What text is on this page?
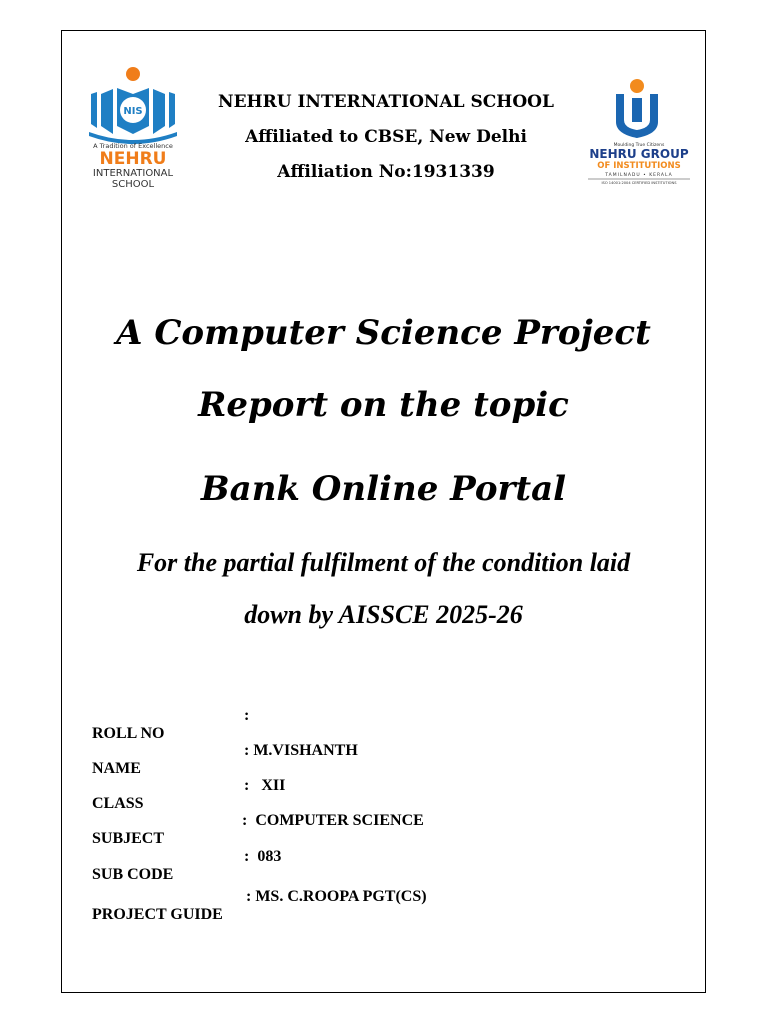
NIS
A Tradition of Excellence
NEHRU
INTERNATIONAL
SCHOOL
Moulding True Citizens
NEHRU GROUP
OF INSTITUTIONS
TAMILNADU • KERALA
ISO 14001:2004 CERTIFIED INSTITUTIONS
NEHRU INTERNATIONAL SCHOOL
Affiliated to CBSE, New Delhi
Affiliation No:1931339
A Computer Science Project
Report on the topic
Bank Online Portal
For the partial fulfilment of the condition laid
down by AISSCE 2025-26

ROLL NO

:

NAME

: M.VISHANTH

CLASS

:   XII

SUBJECT

:  COMPUTER SCIENCE

SUB CODE

:  083

PROJECT GUIDE

: MS. C.ROOPA PGT(CS)
